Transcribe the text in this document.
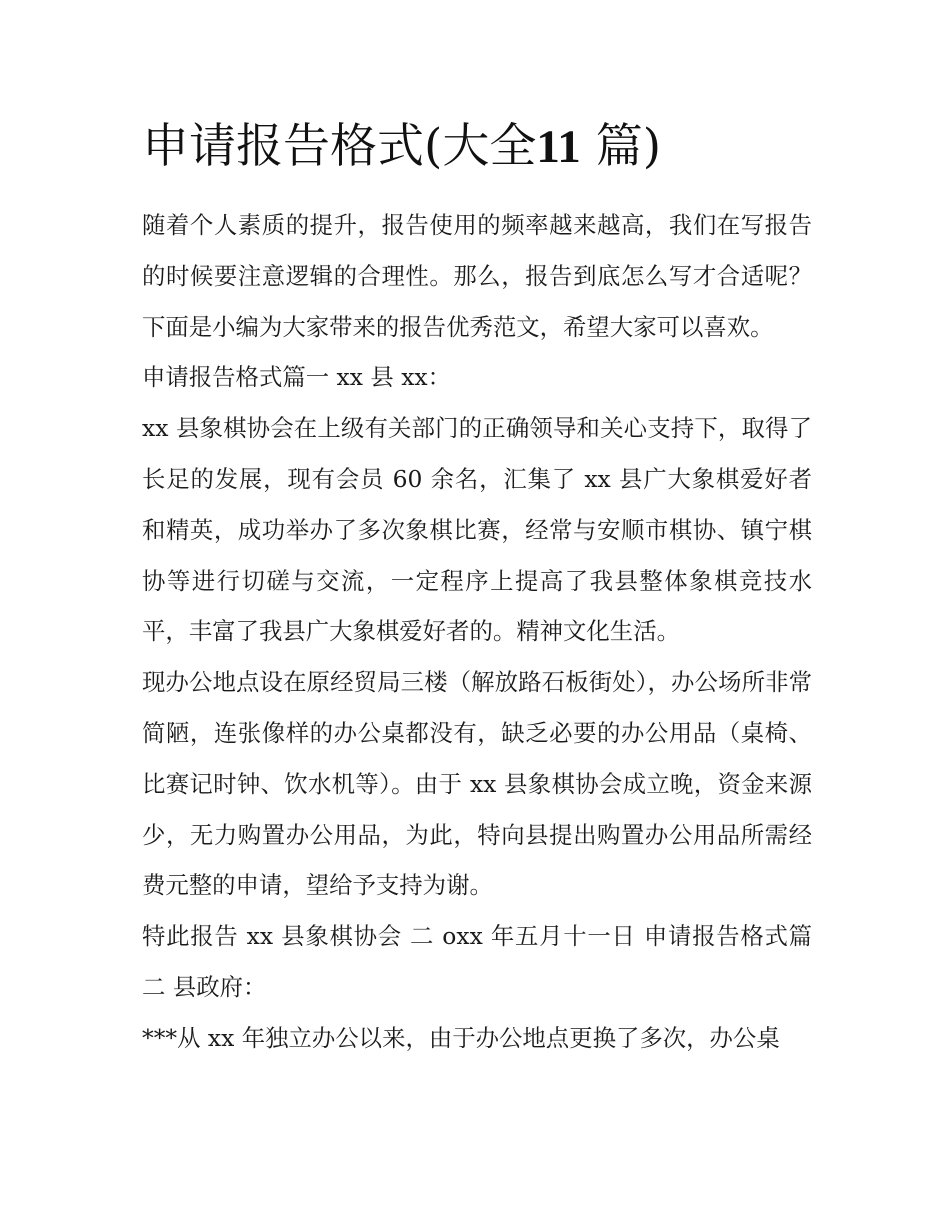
申请报告格式(大全11 篇)

随着个人素质的提升，报告使用的频率越来越高，我们在写报告的时候要注意逻辑的合理性。那么，报告到底怎么写才合适呢？下面是小编为大家带来的报告优秀范文，希望大家可以喜欢。

申请报告格式篇一 xx 县 xx：

xx 县象棋协会在上级有关部门的正确领导和关心支持下，取得了长足的发展，现有会员 60 余名，汇集了 xx 县广大象棋爱好者和精英，成功举办了多次象棋比赛，经常与安顺市棋协、镇宁棋协等进行切磋与交流，一定程序上提高了我县整体象棋竞技水平，丰富了我县广大象棋爱好者的。精神文化生活。

现办公地点设在原经贸局三楼（解放路石板街处），办公场所非常简陋，连张像样的办公桌都没有，缺乏必要的办公用品（桌椅、比赛记时钟、饮水机等）。由于 xx 县象棋协会成立晚，资金来源少，无力购置办公用品，为此，特向县提出购置办公用品所需经费元整的申请，望给予支持为谢。

特此报告 xx 县象棋协会 二 oxx 年五月十一日 申请报告格式篇二 县政府：

***从 xx 年独立办公以来，由于办公地点更换了多次，办公桌
